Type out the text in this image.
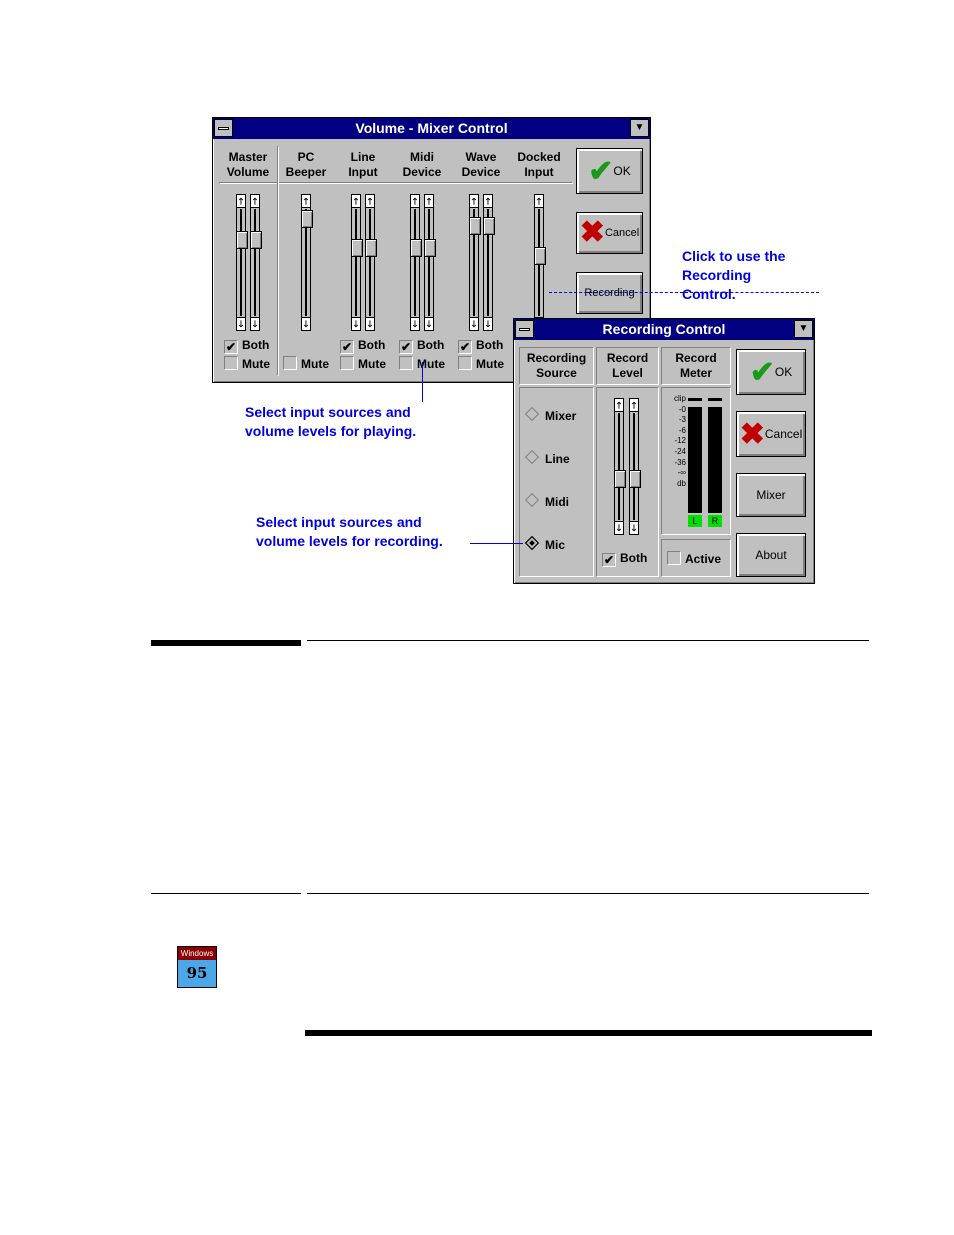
Volume - Mixer Control	▼
Master
Volume
🡑
🡓
🡑
🡓
✔ Both
Mute
PC
Beeper
🡑
🡓
Mute
Line
Input
🡑
🡓
🡑
🡓
✔ Both
Mute
Midi
Device
🡑
🡓
🡑
🡓
✔ Both
Mute
Wave
Device
🡑
🡓
🡑
🡓
✔ Both
Mute
Docked
Input
🡑
✔OK
✖Cancel
Recording
Recording Control	▼
Recording
Source
Mixer
Line
Midi
Mic
Record
Level
🡑
🡓
🡑
🡓
✔ Both
Record
Meter
clip
-0
-3
-6
-12
-24
-36
-∞
db
L	R
Active
✔OK
✖Cancel
Mixer
About
Click to use the
Recording
Control.
Select input sources and
volume levels for playing.
Select input sources and
volume levels for recording.
Windows
95
